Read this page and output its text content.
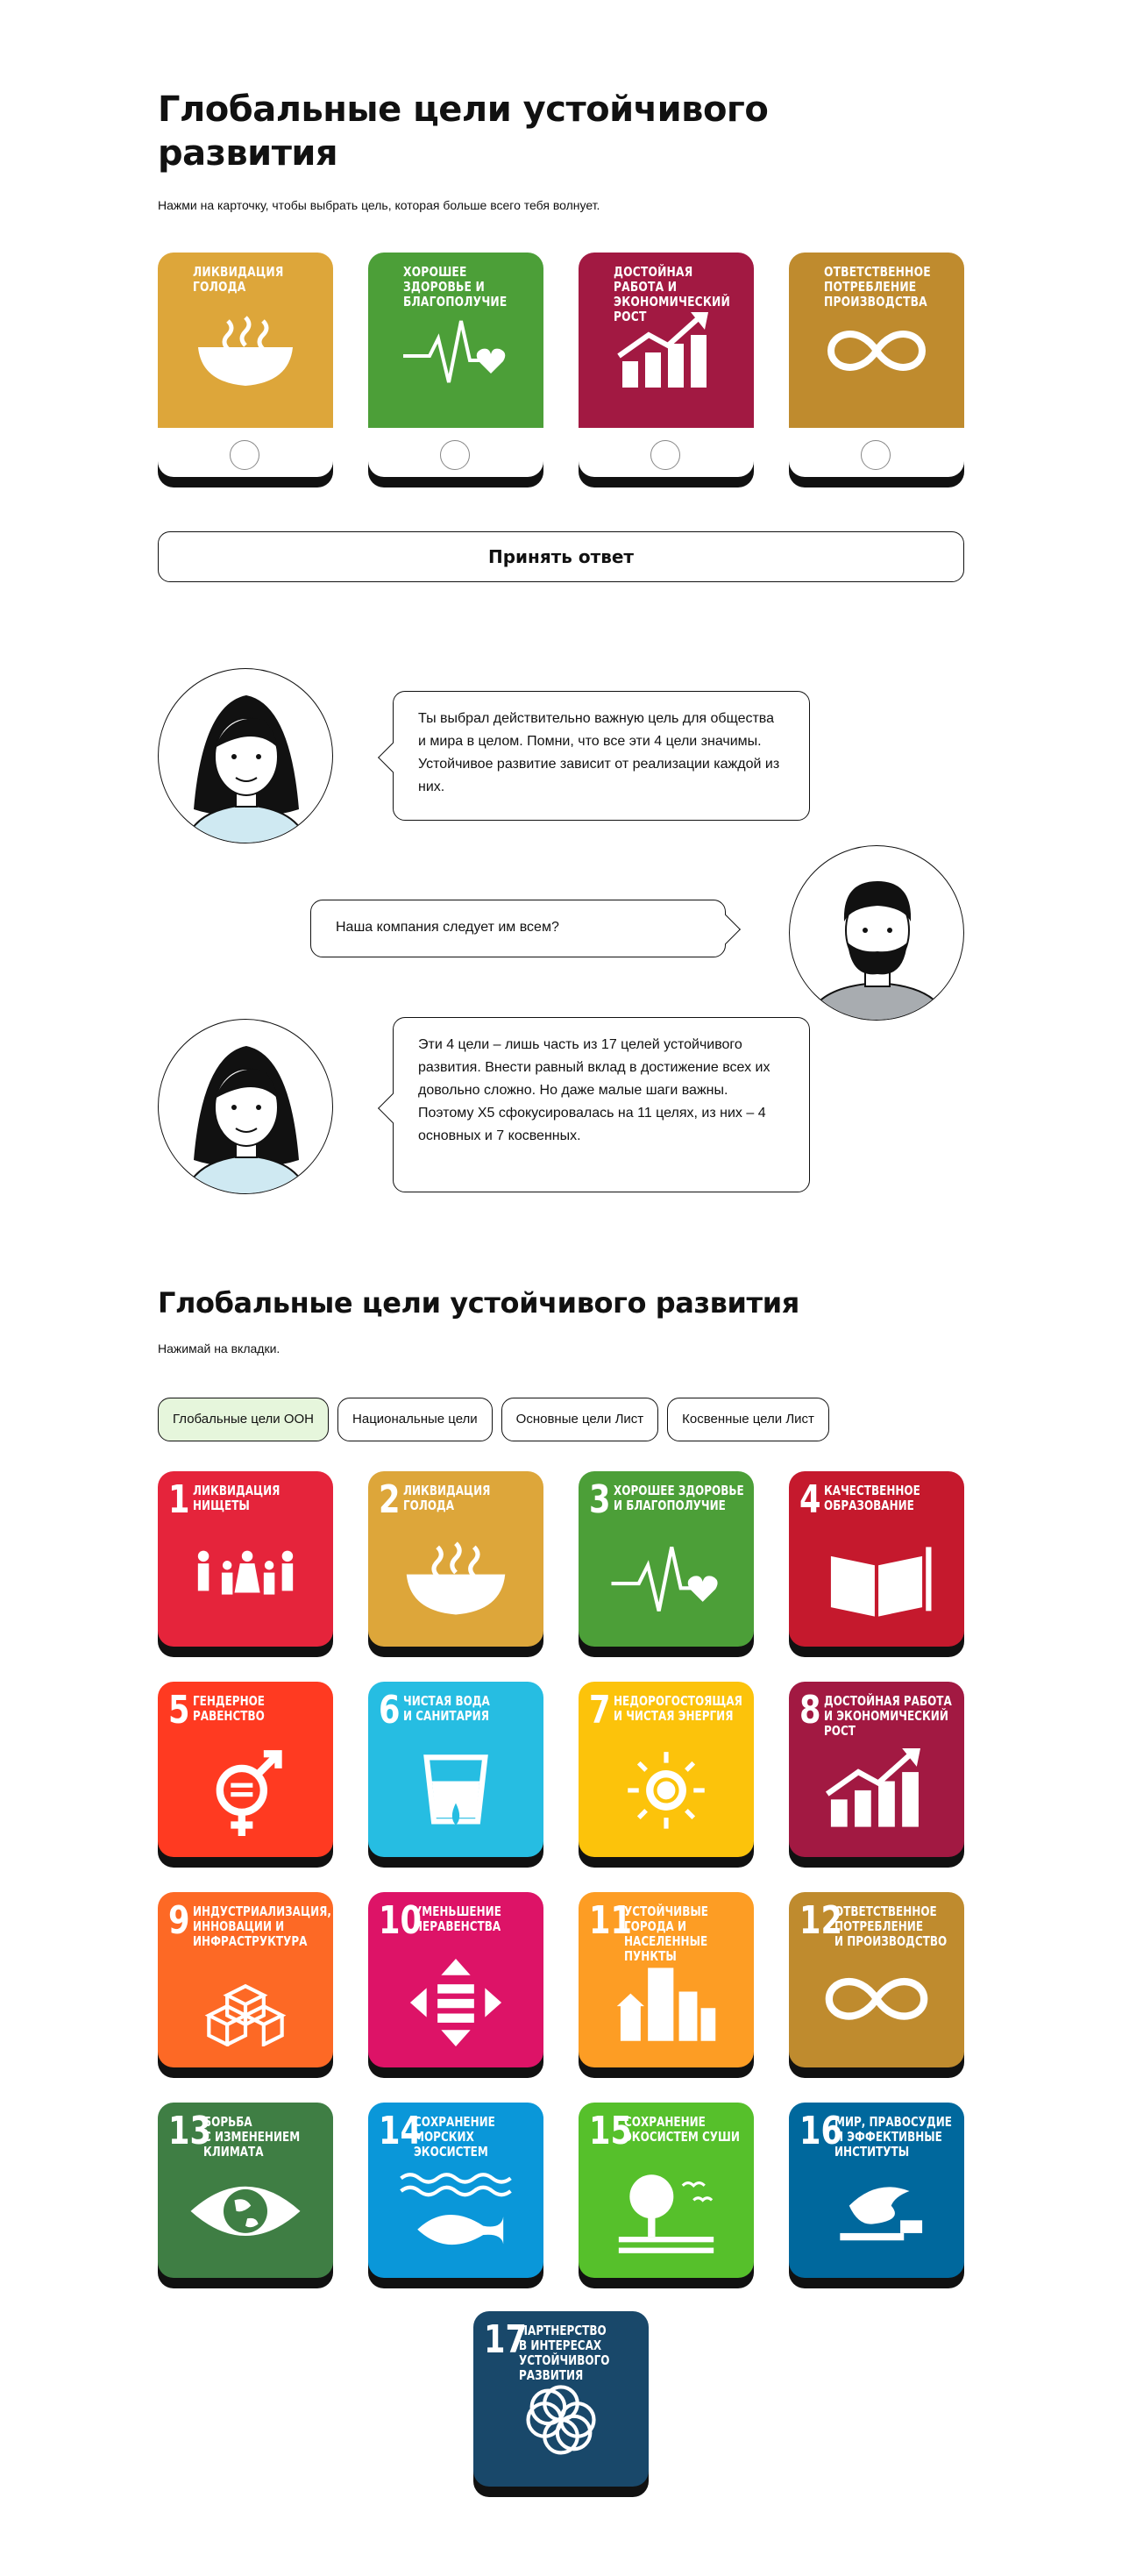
Глобальные цели устойчивого развития
Нажми на карточку, чтобы выбрать цель, которая больше всего тебя волнует.
ЛИКВИДАЦИЯ ГОЛОДА
ХОРОШЕЕ ЗДОРОВЬЕ И БЛАГОПОЛУЧИЕ
ДОСТОЙНАЯ РАБОТА И ЭКОНОМИЧЕСКИЙ РОСТ
ОТВЕТСТВЕННОЕ ПОТРЕБЛЕНИЕ ПРОИЗВОДСТВА
Принять ответ
Ты выбрал действительно важную цель для общества и мира в целом. Помни, что все эти 4 цели значимы. Устойчивое развитие зависит от реализации каждой из них.
Наша компания следует им всем?
Эти 4 цели – лишь часть из 17 целей устойчивого развития. Внести равный вклад в достижение всех их довольно сложно. Но даже малые шаги важны. Поэтому Х5 сфокусировалась на 11 целях, из них – 4 основных и 7 косвенных.
Глобальные цели устойчивого развития
Нажимай на вкладки.
Глобальные цели ООН	Национальные цели	Основные цели Лист	Косвенные цели Лист
1 ЛИКВИДАЦИЯ
НИЩЕТЫ	2 ЛИКВИДАЦИЯ
ГОЛОДА	3 ХОРОШЕЕ ЗДОРОВЬЕ
И БЛАГОПОЛУЧИЕ	4 КАЧЕСТВЕННОЕ
ОБРАЗОВАНИЕ
5 ГЕНДЕРНОЕ
РАВЕНСТВО	6 ЧИСТАЯ ВОДА
И САНИТАРИЯ	7 НЕДОРОГОСТОЯЩАЯ
И ЧИСТАЯ ЭНЕРГИЯ	8 ДОСТОЙНАЯ РАБОТА
И ЭКОНОМИЧЕСКИЙ
РОСТ
9 ИНДУСТРИАЛИЗАЦИЯ,
ИННОВАЦИИ И
ИНФРАСТРУКТУРА	10
УМЕНЬШЕНИЕ
НЕРАВЕНСТВА	11
УСТОЙЧИВЫЕ
ГОРОДА И
НАСЕЛЕННЫЕ ПУНКТЫ
12
ОТВЕТСТВЕННОЕ
ПОТРЕБЛЕНИЕ
И ПРОИЗВОДСТВО
13
БОРЬБА
С ИЗМЕНЕНИЕМ
КЛИМАТА	14
СОХРАНЕНИЕ
МОРСКИХ
ЭКОСИСТЕМ	15
СОХРАНЕНИЕ
ЭКОСИСТЕМ СУШИ	16
МИР, ПРАВОСУДИЕ
И ЭФФЕКТИВНЫЕ
ИНСТИТУТЫ
17
ПАРТНЕРСТВО
В ИНТЕРЕСАХ
УСТОЙЧИВОГО РАЗВИТИЯ
